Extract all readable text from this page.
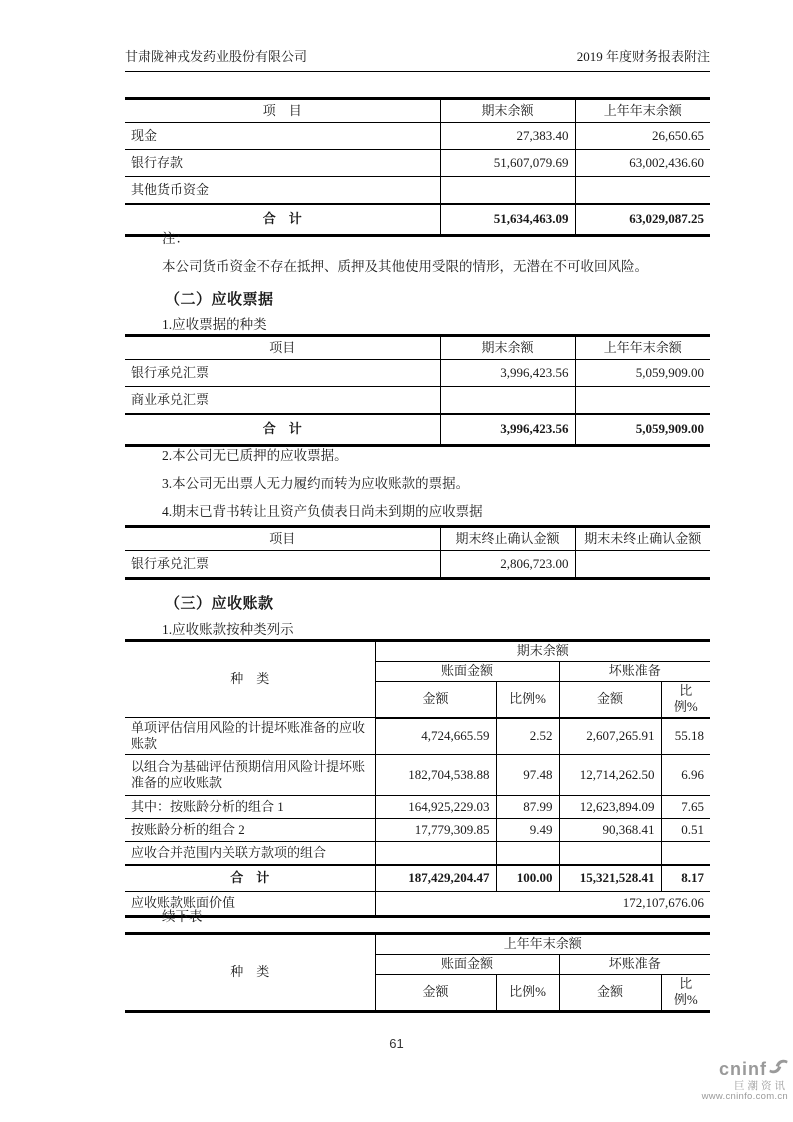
甘肃陇神戎发药业股份有限公司	2019 年度财务报表附注
项　目	期末余额	上年年末余额
现金	27,383.40	26,650.65
银行存款	51,607,079.69	63,002,436.60
其他货币资金		
合　计	51,634,463.09	63,029,087.25
注：
本公司货币资金不存在抵押、质押及其他使用受限的情形，无潜在不可收回风险。
（二）应收票据
1.应收票据的种类
项目	期末余额	上年年末余额
银行承兑汇票	3,996,423.56	5,059,909.00
商业承兑汇票		
合　计	3,996,423.56	5,059,909.00
2.本公司无已质押的应收票据。
3.本公司无出票人无力履约而转为应收账款的票据。
4.期末已背书转让且资产负债表日尚未到期的应收票据
项目	期末终止确认金额	期末未终止确认金额
银行承兑汇票	2,806,723.00	
（三）应收账款
1.应收账款按种类列示
种　类	期末余额			
	账面金额		坏账准备	
	金额	比例%	金额	比例%
单项评估信用风险的计提坏账准备的应收账款	4,724,665.59	2.52	2,607,265.91	55.18
以组合为基础评估预期信用风险计提坏账准备的应收账款	182,704,538.88	97.48	12,714,262.50	6.96
其中：按账龄分析的组合 1	164,925,229.03	87.99	12,623,894.09	7.65
按账龄分析的组合 2	17,779,309.85	9.49	90,368.41	0.51
应收合并范围内关联方款项的组合				
合　计	187,429,204.47	100.00	15,321,528.41	8.17
应收账款账面价值	172,107,676.06			
续下表
种　类	上年年末余额			
	账面金额		坏账准备	
	金额	比例%	金额	比例%
61
cninf
巨潮资讯
www.cninfo.com.cn
